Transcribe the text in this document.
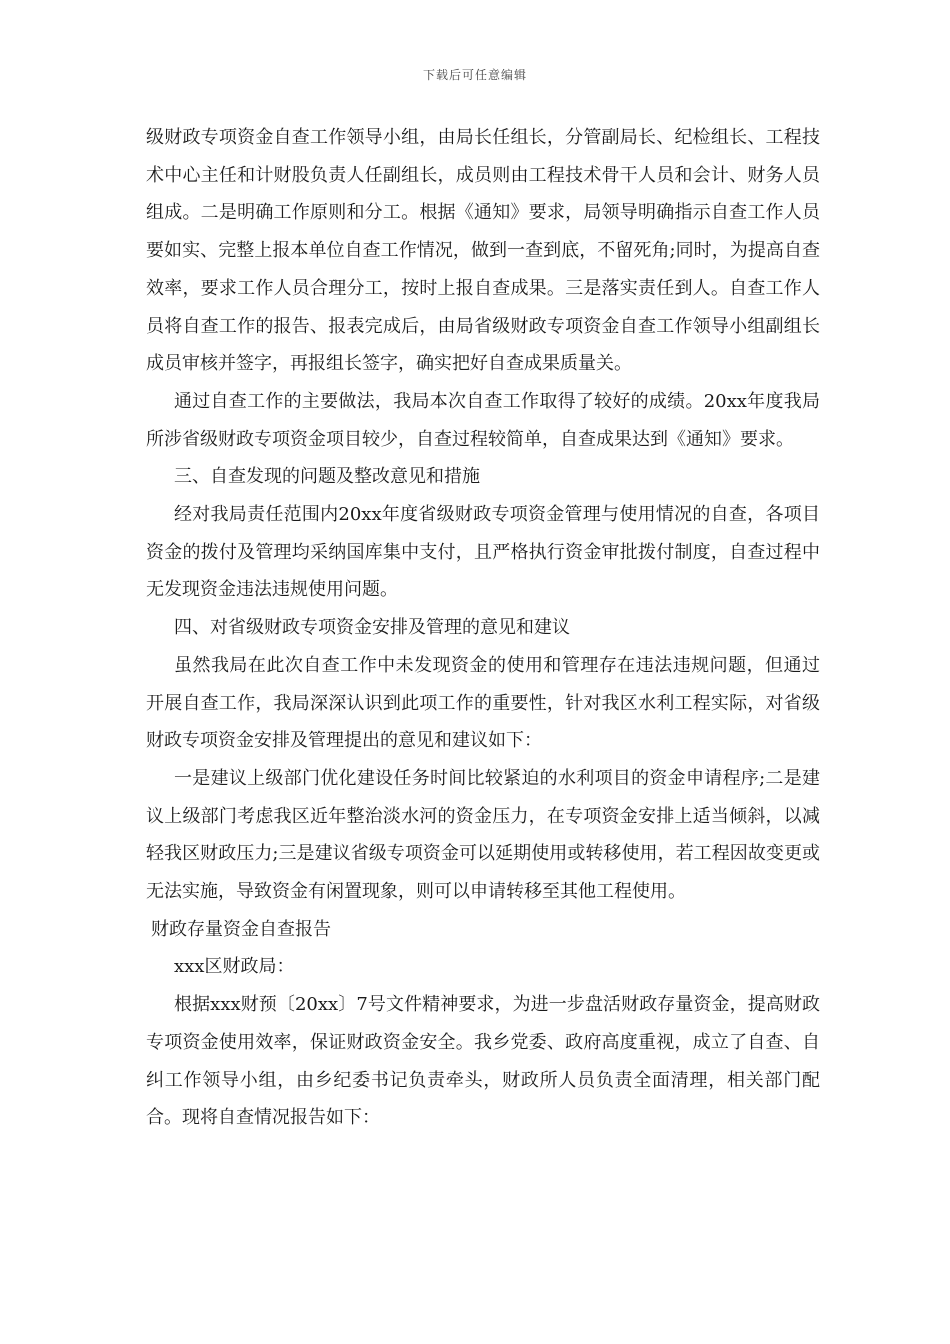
下载后可任意编辑

级财政专项资金自查工作领导小组，由局长任组长，分管副局长、纪检组长、工程技术中心主任和计财股负责人任副组长，成员则由工程技术骨干人员和会计、财务人员组成。二是明确工作原则和分工。根据《通知》要求，局领导明确指示自查工作人员要如实、完整上报本单位自查工作情况，做到一查到底，不留死角;同时，为提高自查效率，要求工作人员合理分工，按时上报自查成果。三是落实责任到人。自查工作人员将自查工作的报告、报表完成后，由局省级财政专项资金自查工作领导小组副组长成员审核并签字，再报组长签字，确实把好自查成果质量关。

通过自查工作的主要做法，我局本次自查工作取得了较好的成绩。20xx年度我局所涉省级财政专项资金项目较少，自查过程较简单，自查成果达到《通知》要求。

三、自查发现的问题及整改意见和措施

经对我局责任范围内20xx年度省级财政专项资金管理与使用情况的自查，各项目资金的拨付及管理均采纳国库集中支付，且严格执行资金审批拨付制度，自查过程中无发现资金违法违规使用问题。

四、对省级财政专项资金安排及管理的意见和建议

虽然我局在此次自查工作中未发现资金的使用和管理存在违法违规问题，但通过开展自查工作，我局深深认识到此项工作的重要性，针对我区水利工程实际，对省级财政专项资金安排及管理提出的意见和建议如下：

一是建议上级部门优化建设任务时间比较紧迫的水利项目的资金申请程序;二是建议上级部门考虑我区近年整治淡水河的资金压力，在专项资金安排上适当倾斜，以减轻我区财政压力;三是建议省级专项资金可以延期使用或转移使用，若工程因故变更或无法实施，导致资金有闲置现象，则可以申请转移至其他工程使用。

财政存量资金自查报告

xxx区财政局：

根据xxx财预〔20xx〕7号文件精神要求，为进一步盘活财政存量资金，提高财政专项资金使用效率，保证财政资金安全。我乡党委、政府高度重视，成立了自查、自纠工作领导小组，由乡纪委书记负责牵头，财政所人员负责全面清理，相关部门配合。现将自查情况报告如下：
